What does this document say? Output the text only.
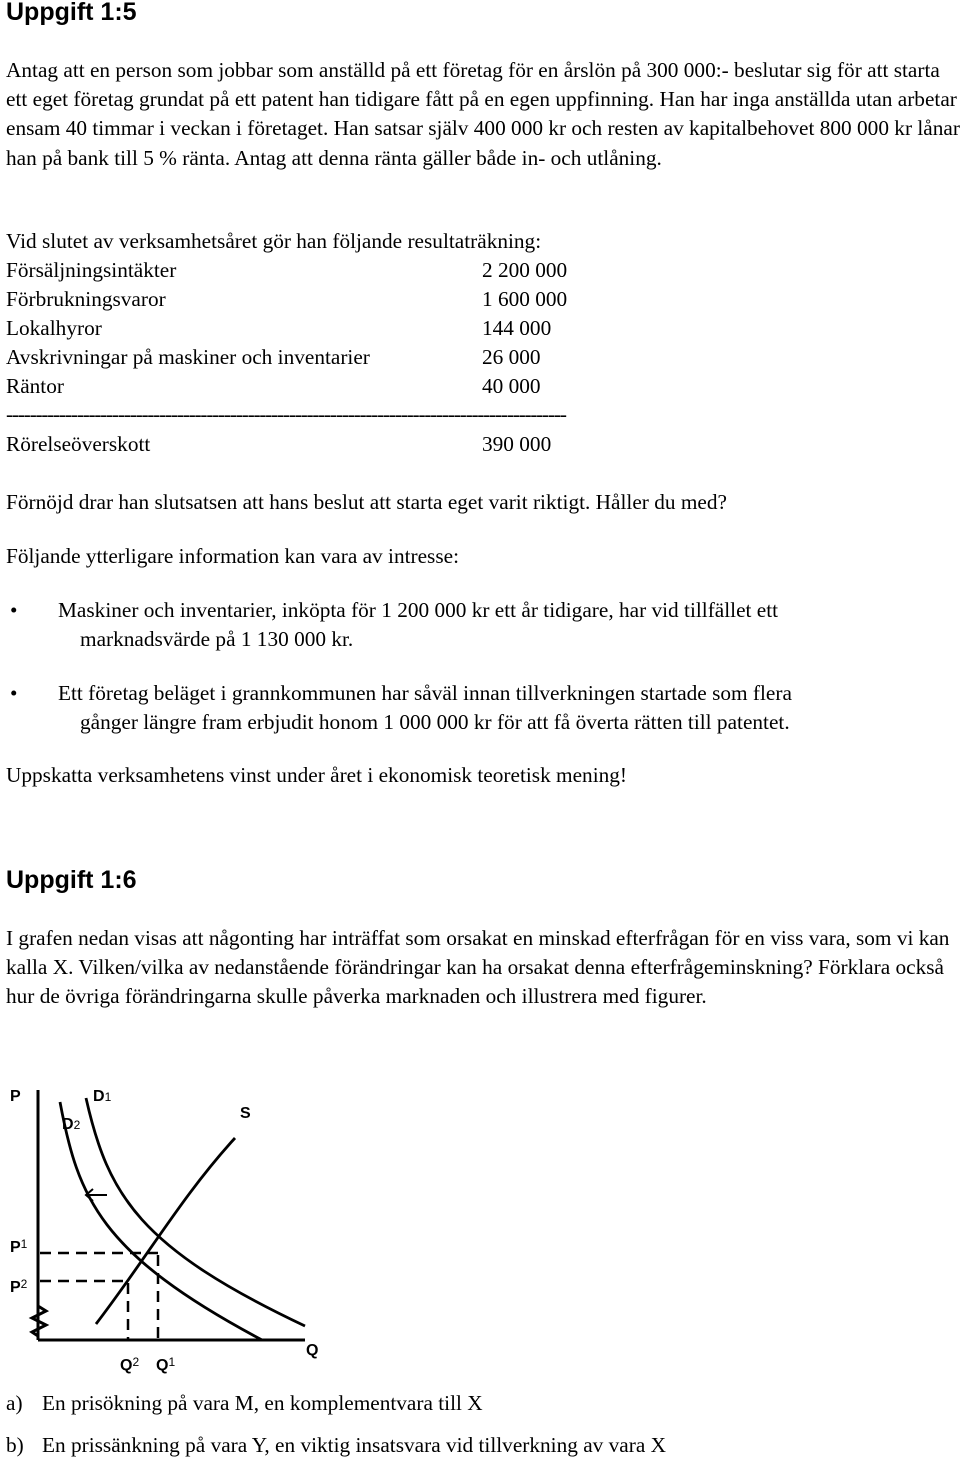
Uppgift 1:5

Antag att en person som jobbar som anställd på ett företag för en årslön på 300 000:- beslutar sig för att starta ett eget företag grundat på ett patent han tidigare fått på en egen uppfinning. Han har inga anställda utan arbetar ensam 40 timmar i veckan i företaget. Han satsar själv 400 000 kr och resten av kapitalbehovet 800 000 kr lånar han på bank till 5 % ränta. Antag att denna ränta gäller både in- och utlåning.

Vid slutet av verksamhetsåret gör han följande resultaträkning:
Försäljningsintäkter	2 200 000
Förbrukningsvaror	1 600 000
Lokalhyror	144 000
Avskrivningar på maskiner och inventarier	26 000
Räntor	40 000
-----------------------------------------------------------------------------------------------
Rörelseöverskott	390 000
Förnöjd drar han slutsatsen att hans beslut att starta eget varit riktigt. Håller du med?
Följande ytterligare information kan vara av intresse:
• Maskiner och inventarier, inköpta för 1 200 000 kr ett år tidigare, har vid tillfället ett
marknadsvärde på 1 130 000 kr.
• Ett företag beläget i grannkommunen har såväl innan tillverkningen startade som flera
gånger längre fram erbjudit honom 1 000 000 kr för att få överta rätten till patentet.
Uppskatta verksamhetens vinst under året i ekonomisk teoretisk mening!
Uppgift 1:6

I grafen nedan visas att någonting har inträffat som orsakat en minskad efterfrågan för en viss vara, som vi kan kalla X. Vilken/vilka av nedanstående förändringar kan ha orsakat denna efterfrågeminskning? Förklara också hur de övriga förändringarna skulle påverka marknaden och illustrera med figurer.

P	D1
D2
S
$P^1$
$P^2$
$Q^2$ $Q^1$
Q
a) En prisökning på vara M, en komplementvara till X
b) En prissänkning på vara Y, en viktig insatsvara vid tillverkning av vara X
